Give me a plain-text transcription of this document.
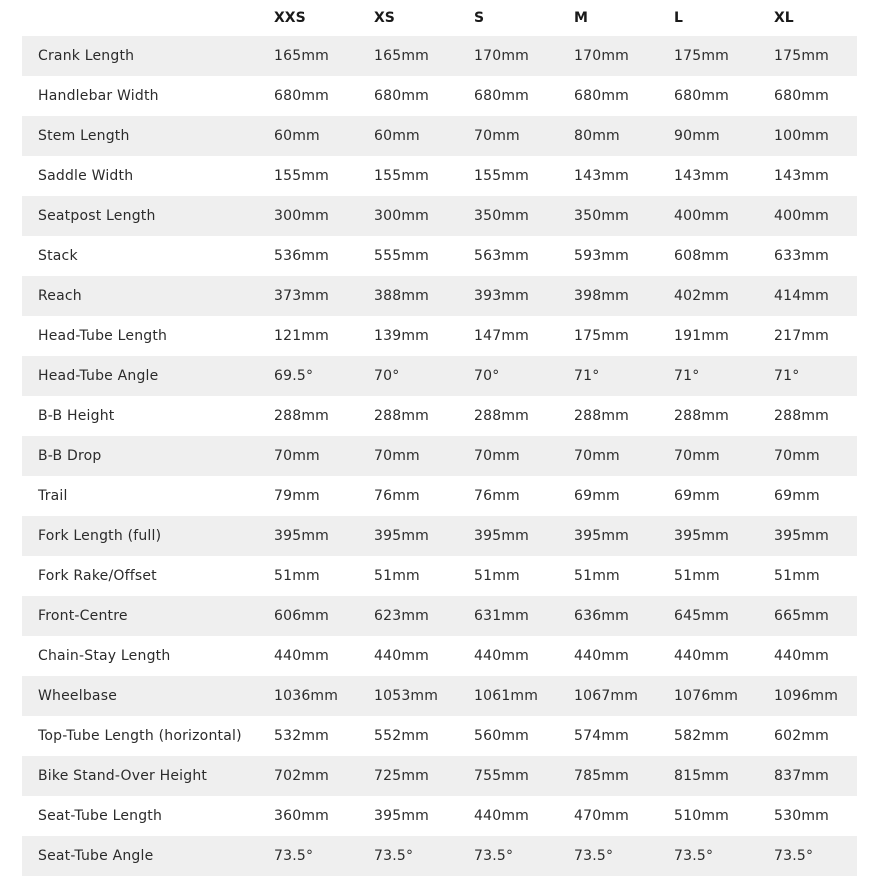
	XXS	XS	S	M	L	XL
Crank Length	165mm	165mm	170mm	170mm	175mm	175mm
Handlebar Width	680mm	680mm	680mm	680mm	680mm	680mm
Stem Length	60mm	60mm	70mm	80mm	90mm	100mm
Saddle Width	155mm	155mm	155mm	143mm	143mm	143mm
Seatpost Length	300mm	300mm	350mm	350mm	400mm	400mm
Stack	536mm	555mm	563mm	593mm	608mm	633mm
Reach	373mm	388mm	393mm	398mm	402mm	414mm
Head-Tube Length	121mm	139mm	147mm	175mm	191mm	217mm
Head-Tube Angle	69.5°	70°	70°	71°	71°	71°
B-B Height	288mm	288mm	288mm	288mm	288mm	288mm
B-B Drop	70mm	70mm	70mm	70mm	70mm	70mm
Trail	79mm	76mm	76mm	69mm	69mm	69mm
Fork Length (full)	395mm	395mm	395mm	395mm	395mm	395mm
Fork Rake/Offset	51mm	51mm	51mm	51mm	51mm	51mm
Front-Centre	606mm	623mm	631mm	636mm	645mm	665mm
Chain-Stay Length	440mm	440mm	440mm	440mm	440mm	440mm
Wheelbase	1036mm	1053mm	1061mm	1067mm	1076mm	1096mm
Top-Tube Length (horizontal)	532mm	552mm	560mm	574mm	582mm	602mm
Bike Stand-Over Height	702mm	725mm	755mm	785mm	815mm	837mm
Seat-Tube Length	360mm	395mm	440mm	470mm	510mm	530mm
Seat-Tube Angle	73.5°	73.5°	73.5°	73.5°	73.5°	73.5°
